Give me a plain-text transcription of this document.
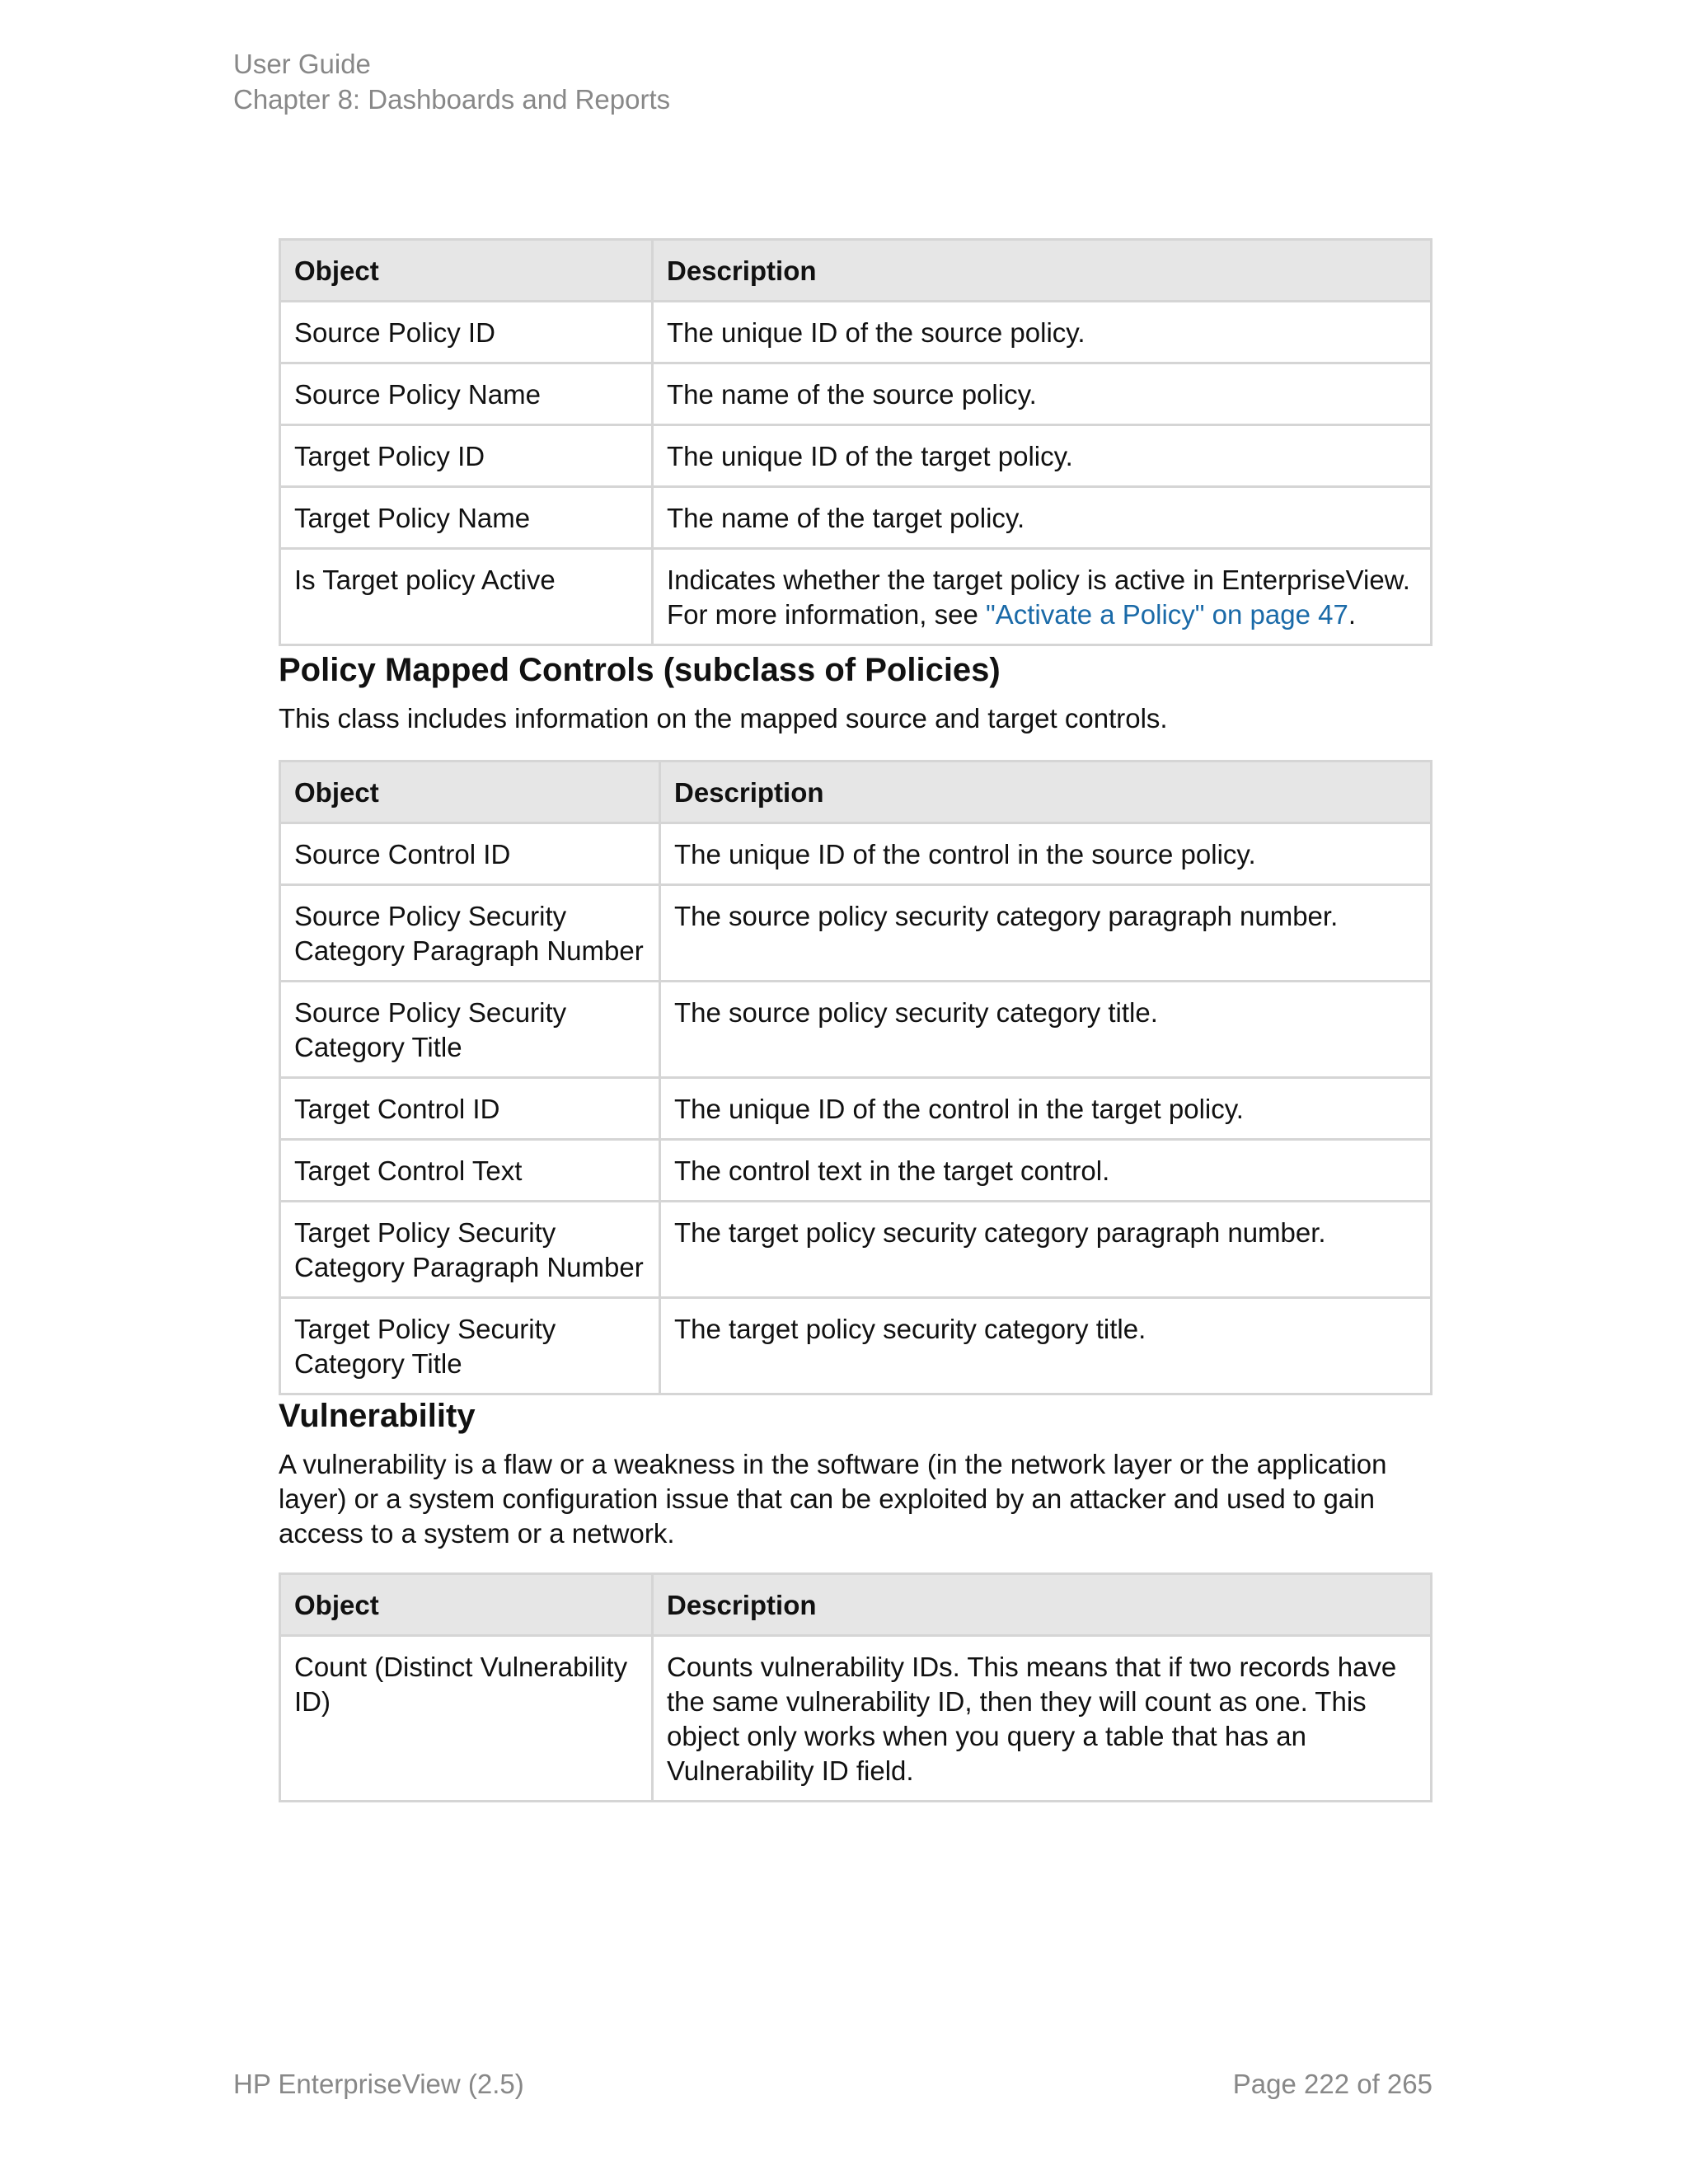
User Guide
Chapter 8: Dashboards and Reports
Object	Description
Source Policy ID	The unique ID of the source policy.
Source Policy Name	The name of the source policy.
Target Policy ID	The unique ID of the target policy.
Target Policy Name	The name of the target policy.
Is Target policy Active	Indicates whether the target policy is active in EnterpriseView.
For more information, see "Activate a Policy" on page 47.
Policy Mapped Controls (subclass of Policies)

This class includes information on the mapped source and target controls.

Object	Description
Source Control ID	The unique ID of the control in the source policy.
Source Policy Security Category Paragraph Number	The source policy security category paragraph number.
Source Policy Security Category Title	The source policy security category title.
Target Control ID	The unique ID of the control in the target policy.
Target Control Text	The control text in the target control.
Target Policy Security Category Paragraph Number	The target policy security category paragraph number.
Target Policy Security Category Title	The target policy security category title.
Vulnerability

A vulnerability is a flaw or a weakness in the software (in the network layer or the application layer) or a system configuration issue that can be exploited by an attacker and used to gain access to a system or a network.

Object	Description
Count (Distinct Vulnerability ID)	Counts vulnerability IDs. This means that if two records have the same vulnerability ID, then they will count as one. This object only works when you query a table that has an Vulnerability ID field.
HP EnterpriseView (2.5)	Page 222 of 265
